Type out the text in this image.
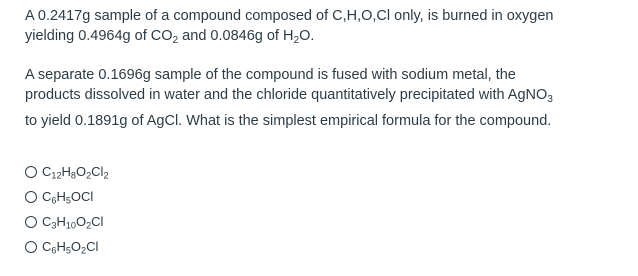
A 0.2417g sample of a compound composed of C,H,O,Cl only, is burned in oxygen
yielding 0.4964g of $CO_2$ and 0.0846g of $H_2O$.

A separate 0.1696g sample of the compound is fused with sodium metal, the
products dissolved in water and the chloride quantitatively precipitated with AgNO$_3$
to yield 0.1891g of AgCl. What is the simplest empirical formula for the compound.

$C_{12}H_8O_2Cl_2$
$C_6H_5OCl$
$C_3H_{10}O_2Cl$
$C_6H_5O_2Cl$
